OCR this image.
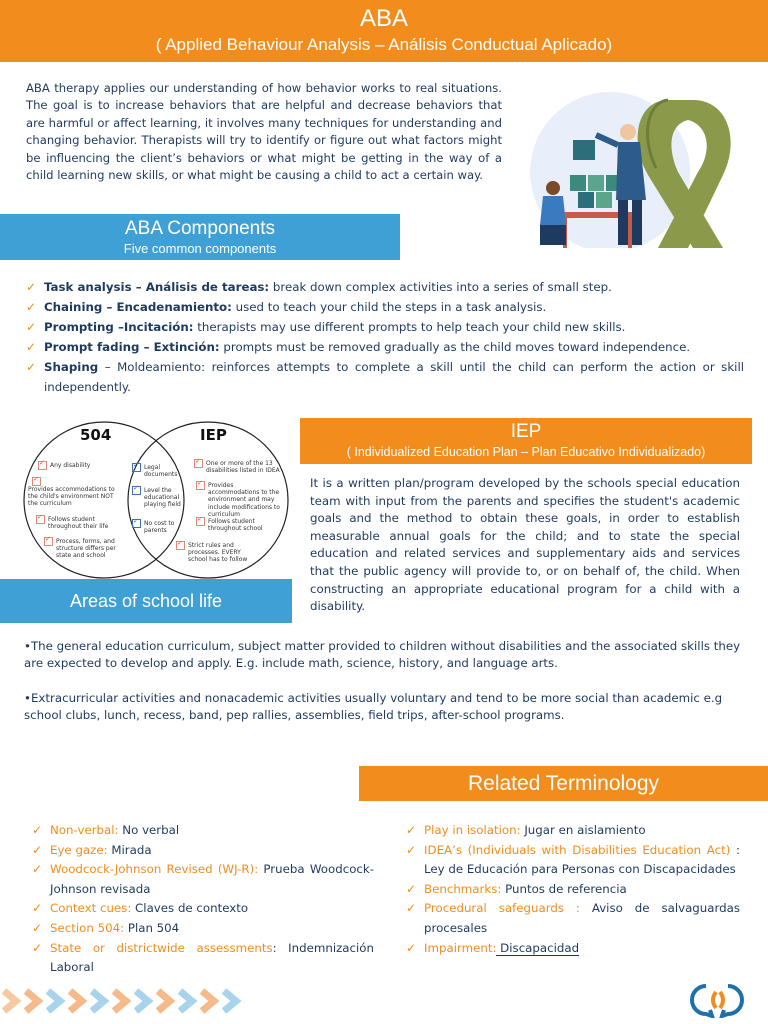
ABA
( Applied Behaviour Analysis – Análisis Conductual Aplicado)
ABA therapy applies our understanding of how behavior works to real situations. The goal is to increase behaviors that are helpful and decrease behaviors that are harmful or affect learning, it involves many techniques for understanding and changing behavior. Therapists will try to identify or figure out what factors might be influencing the client’s behaviors or what might be getting in the way of a child learning new skills, or what might be causing a child to act a certain way.
ABA Components
Five common components
✓ Task analysis – Análisis de tareas: break down complex activities into a series of small step.
✓ Chaining – Encadenamiento: used to teach your child the steps in a task analysis.
✓ Prompting –Incitación: therapists may use different prompts to help teach your child new skills.
✓ Prompt fading – Extinción: prompts must be removed gradually as the child moves toward independence.
✓ Shaping – Moldeamiento: reinforces attempts to complete a skill until the child can perform the action or skill independently.
504	IEP
✓
Any disability
✓
Provides accommodations to the child's environment NOT the curriculum
✓
Follows student throughout their life
✓
Process, forms, and structure differs per state and school
✓
Legal documents
✓
Level the educational playing field
✓
No cost to parents
✓
One or more of the 13 disabilities listed in IDEA
✓
Provides accommodations to the environment and may include modifications to curriculum
✓
Follows student throughout school
✓
Strict rules and processes. EVERY school has to follow
Areas of school life
IEP
( Individualized Education Plan – Plan Educativo Individualizado)
It is a written plan/program developed by the schools special education team with input from the parents and specifies the student's academic goals and the method to obtain these goals, in order to establish measurable annual goals for the child; and to state the special education and related services and supplementary aids and services that the public agency will provide to, or on behalf of, the child. When constructing an appropriate educational program for a child with a disability.

•The general education curriculum, subject matter provided to children without disabilities and the associated skills they are expected to develop and apply. E.g. include math, science, history, and language arts.

•Extracurricular activities and nonacademic activities usually voluntary and tend to be more social than academic e.g school clubs, lunch, recess, band, pep rallies, assemblies, field trips, after-school programs.

Related Terminology
✓ Non-verbal: No verbal
✓ Eye gaze: Mirada
✓ Woodcock-Johnson Revised (WJ-R): Prueba Woodcock-Johnson revisada
✓ Context cues: Claves de contexto
✓ Section 504: Plan 504
✓ State or districtwide assessments: Indemnización Laboral
✓ Play in isolation: Jugar en aislamiento
✓ IDEA’s (Individuals with Disabilities Education Act) : Ley de Educación para Personas con Discapacidades
✓ Benchmarks: Puntos de referencia
✓ Procedural safeguards : Aviso de salvaguardas procesales
✓ Impairment: Discapacidad
